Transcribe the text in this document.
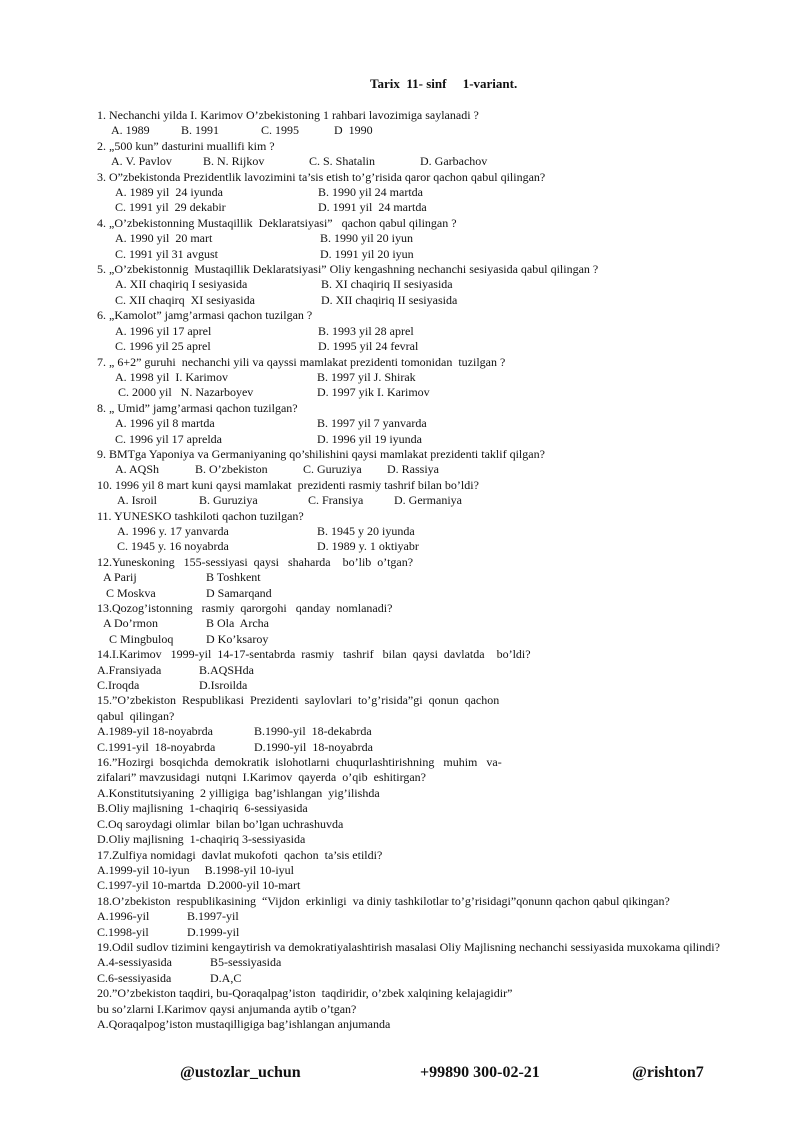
Tarix  11- sinf     1-variant.
1. Nechanchi yilda I. Karimov O’zbekistoning 1 rahbari lavozimiga saylanadi ?
A. 1989	B. 1991	C. 1995	D  1990
2. „500 kun” dasturini muallifi kim ?
A. V. Pavlov	B. N. Rijkov	C. S. Shatalin	D. Garbachov
3. O”zbekistonda Prezidentlik lavozimini ta’sis etish to’g’risida qaror qachon qabul qilingan?
A. 1989 yil  24 iyunda	B. 1990 yil 24 martda
C. 1991 yil  29 dekabir	D. 1991 yil  24 martda
4. „O’zbekistonning Mustaqillik  Deklaratsiyasi”   qachon qabul qilingan ?
A. 1990 yil  20 mart	B. 1990 yil 20 iyun
C. 1991 yil 31 avgust	D. 1991 yil 20 iyun
5. „O’zbekistonnig  Mustaqillik Deklaratsiyasi” Oliy kengashning nechanchi sesiyasida qabul qilingan ?
A. XII chaqiriq I sesiyasida	B. XI chaqiriq II sesiyasida
C. XII chaqirq  XI sesiyasida	D. XII chaqiriq II sesiyasida
6. „Kamolot” jamg’armasi qachon tuzilgan ?
A. 1996 yil 17 aprel	B. 1993 yil 28 aprel
C. 1996 yil 25 aprel	D. 1995 yil 24 fevral
7. „ 6+2” guruhi  nechanchi yili va qayssi mamlakat prezidenti tomonidan  tuzilgan ?
A. 1998 yil  I. Karimov	B. 1997 yil J. Shirak
C. 2000 yil   N. Nazarboyev	D. 1997 yik I. Karimov
8. „ Umid” jamg’armasi qachon tuzilgan?
A. 1996 yil 8 martda	B. 1997 yil 7 yanvarda
C. 1996 yil 17 aprelda	D. 1996 yil 19 iyunda
9. BMTga Yaponiya va Germaniyaning qo’shilishini qaysi mamlakat prezidenti taklif qilgan?
A. AQSh	B. O’zbekiston	C. Guruziya	D. Rassiya
10. 1996 yil 8 mart kuni qaysi mamlakat  prezidenti rasmiy tashrif bilan bo’ldi?
A. Isroil	B. Guruziya	C. Fransiya	D. Germaniya
11. YUNESKO tashkiloti qachon tuzilgan?
A. 1996 y. 17 yanvarda	B. 1945 y 20 iyunda
C. 1945 y. 16 noyabrda	D. 1989 y. 1 oktiyabr
12.Yuneskoning   155-sessiyasi  qaysi   shaharda    bo’lib  o’tgan?
A Parij	B Toshkent
C Moskva	D Samarqand
13.Qozog’istonning   rasmiy  qarorgohi   qanday  nomlanadi?
A Do’rmon	B Ola  Archa
C Mingbuloq	D Ko’ksaroy
14.I.Karimov   1999-yil  14-17-sentabrda  rasmiy   tashrif   bilan  qaysi  davlatda    bo’ldi?
A.Fransiyada	B.AQSHda
C.Iroqda	D.Isroilda
15.”O’zbekiston  Respublikasi  Prezidenti  saylovlari  to’g’risida”gi  qonun  qachon
qabul  qilingan?
A.1989-yil 18-noyabrda	B.1990-yil  18-dekabrda
C.1991-yil  18-noyabrda	D.1990-yil  18-noyabrda
16.”Hozirgi  bosqichda  demokratik  islohotlarni  chuqurlashtirishning   muhim   va-
zifalari” mavzusidagi  nutqni  I.Karimov  qayerda  o’qib  eshitirgan?
A.Konstitutsiyaning  2 yilligiga  bag’ishlangan  yig’ilishda
B.Oliy majlisning  1-chaqiriq  6-sessiyasida
C.Oq saroydagi olimlar  bilan bo’lgan uchrashuvda
D.Oliy majlisning  1-chaqiriq 3-sessiyasida
17.Zulfiya nomidagi  davlat mukofoti  qachon  ta’sis etildi?
A.1999-yil 10-iyun     B.1998-yil 10-iyul
C.1997-yil 10-martda  D.2000-yil 10-mart
18.O’zbekiston  respublikasining  “Vijdon  erkinligi  va diniy tashkilotlar to’g’risidagi”qonunn qachon qabul qikingan?
A.1996-yil	B.1997-yil
C.1998-yil	D.1999-yil
19.Odil sudlov tizimini kengaytirish va demokratiyalashtirish masalasi Oliy Majlisning nechanchi sessiyasida muxokama qilindi?
A.4-sessiyasida	B5-sessiyasida
C.6-sessiyasida	D.A,C
20.”O’zbekiston taqdiri, bu-Qoraqalpag’iston  taqdiridir, o’zbek xalqining kelajagidir”
bu so’zlarni I.Karimov qaysi anjumanda aytib o’tgan?
A.Qoraqalpog’iston mustaqilligiga bag’ishlangan anjumanda
@ustozlar_uchun	+99890 300-02-21	@rishton7
